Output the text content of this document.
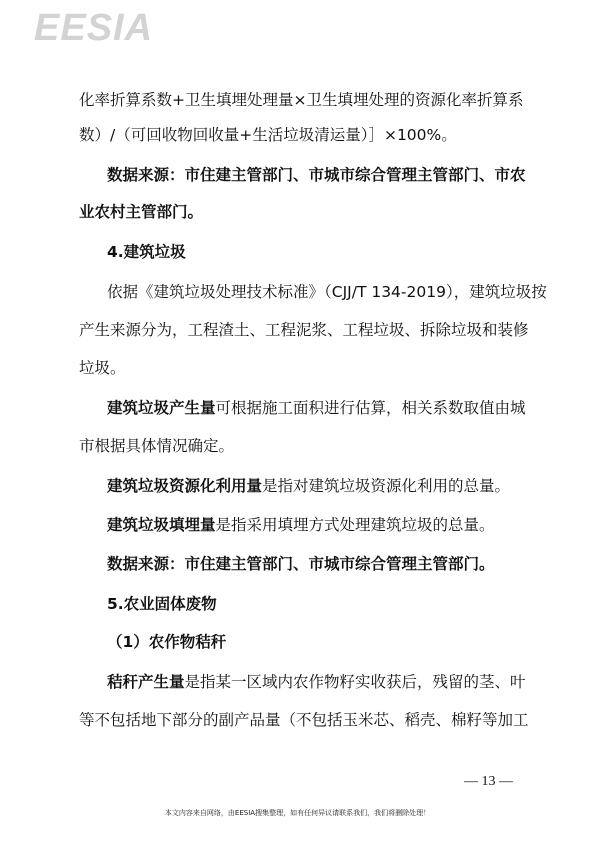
EESIA
化率折算系数+卫生填埋处理量×卫生填埋处理的资源化率折算系
数）/（可回收物回收量+生活垃圾清运量）］×100%。
数据来源：市住建主管部门、市城市综合管理主管部门、市农
业农村主管部门。
4.建筑垃圾
依据《建筑垃圾处理技术标准》（CJJ/T 134-2019），建筑垃圾按
产生来源分为，工程渣土、工程泥浆、工程垃圾、拆除垃圾和装修
垃圾。
建筑垃圾产生量可根据施工面积进行估算，相关系数取值由城
市根据具体情况确定。
建筑垃圾资源化利用量是指对建筑垃圾资源化利用的总量。
建筑垃圾填埋量是指采用填埋方式处理建筑垃圾的总量。
数据来源：市住建主管部门、市城市综合管理主管部门。
5.农业固体废物
（1）农作物秸秆
秸秆产生量是指某一区域内农作物籽实收获后，残留的茎、叶
等不包括地下部分的副产品量（不包括玉米芯、稻壳、棉籽等加工
— 13 —
本文内容来自网络，由EESIA搜集整理，如有任何异议请联系我们，我们将删除处理！
